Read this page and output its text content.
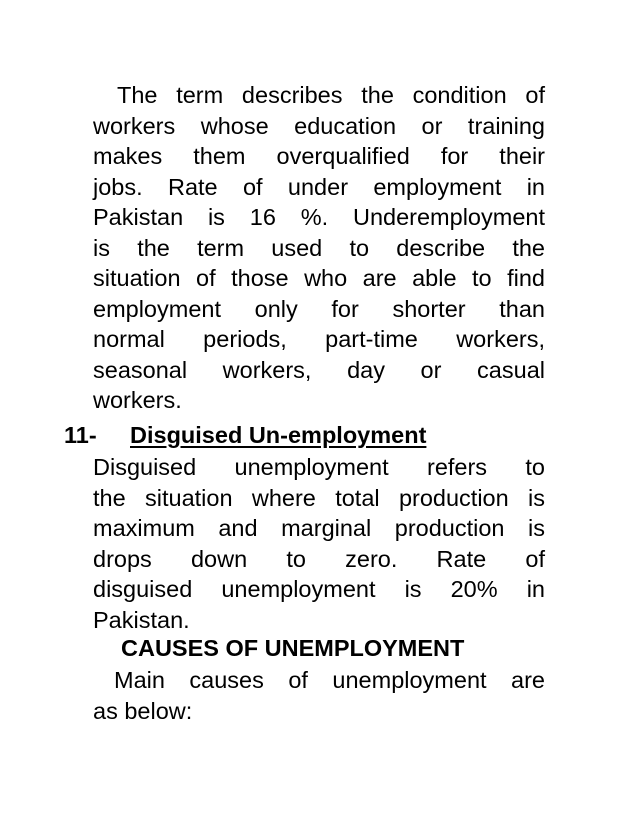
The term describes the condition of
workers whose education or training
makes them overqualified for their
jobs. Rate of under employment in
Pakistan is 16 %. Underemployment
is the term used to describe the
situation of those who are able to find
employment only for shorter than
normal periods, part-time workers,
seasonal workers, day or casual
workers.
11- Disguised Un-employment
Disguised unemployment refers to
the situation where total production is
maximum and marginal production is
drops down to zero. Rate of
disguised unemployment is 20% in
Pakistan.
CAUSES OF UNEMPLOYMENT
Main causes of unemployment are
as below:
